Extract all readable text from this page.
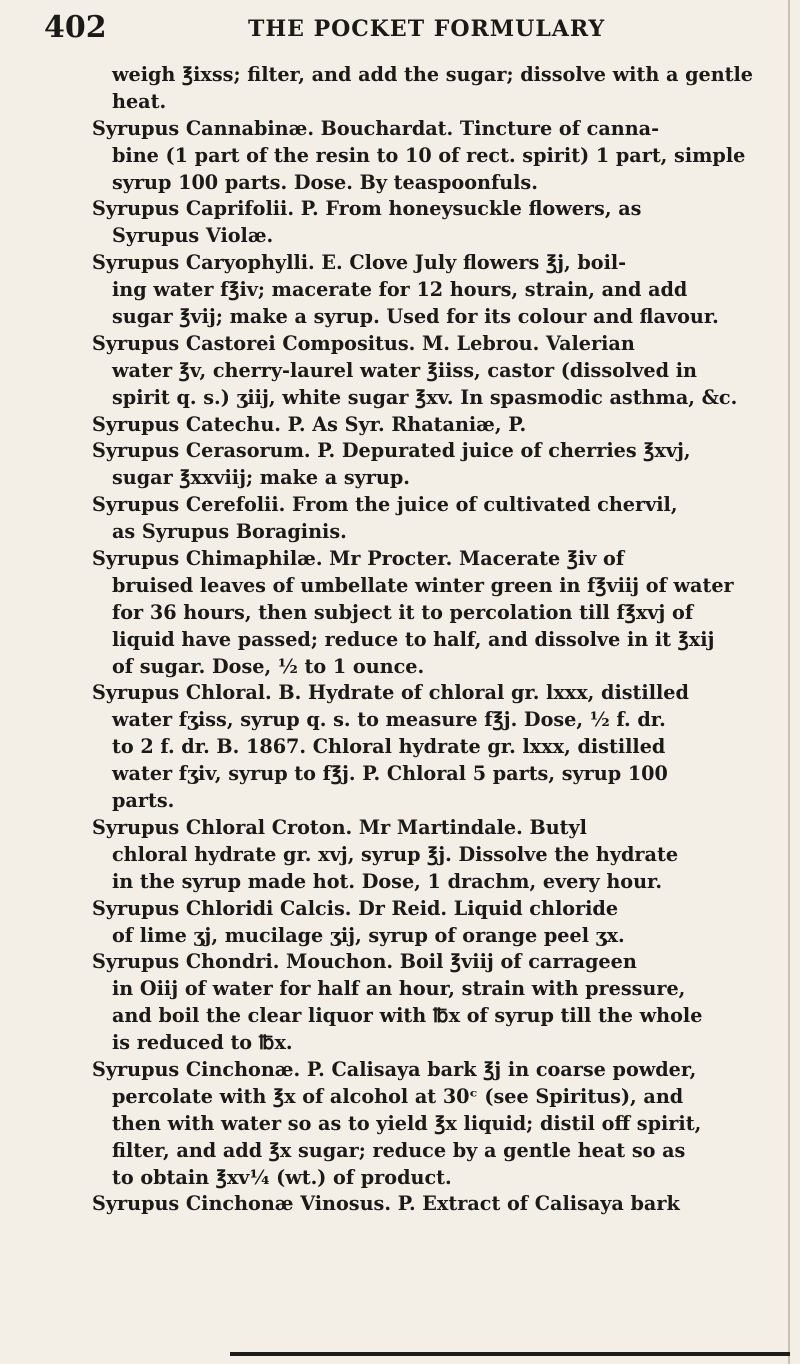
402	THE POCKET FORMULARY
weigh ℥ixss; filter, and add the sugar; dissolve with a gentle
heat.
Syrupus Cannabinæ. Bouchardat. Tincture of canna-
bine (1 part of the resin to 10 of rect. spirit) 1 part, simple
syrup 100 parts. Dose. By teaspoonfuls.
Syrupus Caprifolii. P. From honeysuckle flowers, as
Syrupus Violæ.
Syrupus Caryophylli. E. Clove July flowers ℥j, boil-
ing water f℥iv; macerate for 12 hours, strain, and add
sugar ℥vij; make a syrup. Used for its colour and flavour.
Syrupus Castorei Compositus. M. Lebrou. Valerian
water ℥v, cherry-laurel water ℥iiss, castor (dissolved in
spirit q. s.) ʒiij, white sugar ℥xv. In spasmodic asthma, &c.
Syrupus Catechu. P. As Syr. Rhataniæ, P.
Syrupus Cerasorum. P. Depurated juice of cherries ℥xvj,
sugar ℥xxviij; make a syrup.
Syrupus Cerefolii. From the juice of cultivated chervil,
as Syrupus Boraginis.
Syrupus Chimaphilæ. Mr Procter. Macerate ℥iv of
bruised leaves of umbellate winter green in f℥viij of water
for 36 hours, then subject it to percolation till f℥xvj of
liquid have passed; reduce to half, and dissolve in it ℥xij
of sugar. Dose, ½ to 1 ounce.
Syrupus Chloral. B. Hydrate of chloral gr. lxxx, distilled
water fʒiss, syrup q. s. to measure f℥j. Dose, ½ f. dr.
to 2 f. dr. B. 1867. Chloral hydrate gr. lxxx, distilled
water fʒiv, syrup to f℥j. P. Chloral 5 parts, syrup 100
parts.
Syrupus Chloral Croton. Mr Martindale. Butyl
chloral hydrate gr. xvj, syrup ℥j. Dissolve the hydrate
in the syrup made hot. Dose, 1 drachm, every hour.
Syrupus Chloridi Calcis. Dr Reid. Liquid chloride
of lime ʒj, mucilage ʒij, syrup of orange peel ʒx.
Syrupus Chondri. Mouchon. Boil ℥viij of carrageen
in Oiij of water for half an hour, strain with pressure,
and boil the clear liquor with ℔x of syrup till the whole
is reduced to ℔x.
Syrupus Cinchonæ. P. Calisaya bark ℥j in coarse powder,
percolate with ℥x of alcohol at 30ᶜ (see Spiritus), and
then with water so as to yield ℥x liquid; distil off spirit,
filter, and add ℥x sugar; reduce by a gentle heat so as
to obtain ℥xv¼ (wt.) of product.
Syrupus Cinchonæ Vinosus. P. Extract of Calisaya bark
